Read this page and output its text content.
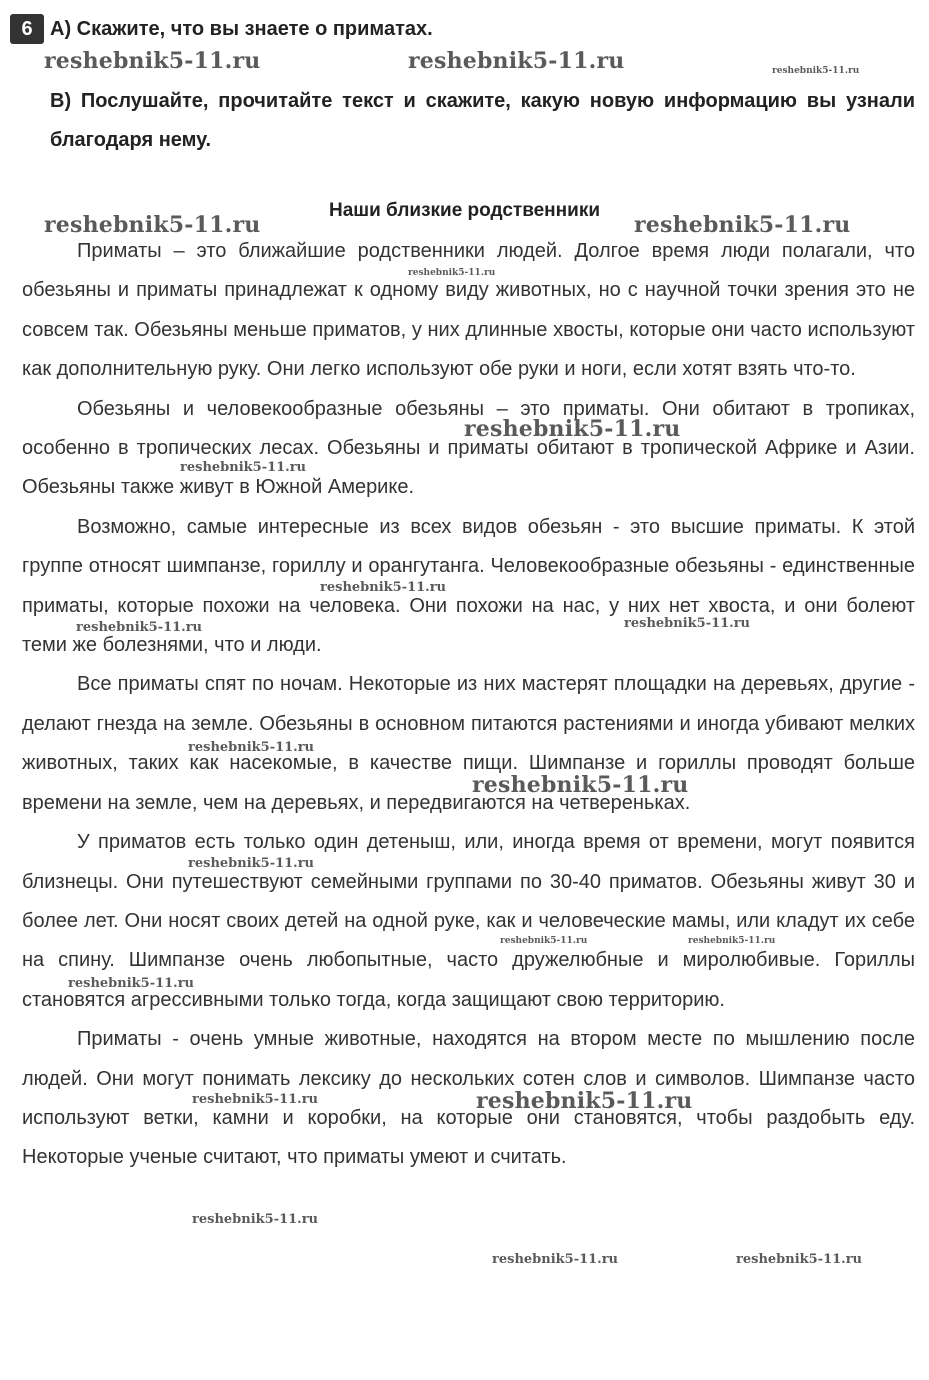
6 A) Скажите, что вы знаете о приматах.
B) Послушайте, прочитайте текст и скажите, какую новую информацию вы узнали благодаря нему.
Наши близкие родственники

Приматы – это ближайшие родственники людей. Долгое время люди полагали, что обезьяны и приматы принадлежат к одному виду животных, но с научной точки зрения это не совсем так. Обезьяны меньше приматов, у них длинные хвосты, которые они часто используют как дополнительную руку. Они легко используют обе руки и ноги, если хотят взять что-то.

Обезьяны и человекообразные обезьяны – это приматы. Они обитают в тропиках, особенно в тропических лесах. Обезьяны и приматы обитают в тропической Африке и Азии. Обезьяны также живут в Южной Америке.

Возможно, самые интересные из всех видов обезьян - это высшие приматы. К этой группе относят шимпанзе, гориллу и орангутанга. Человекообразные обезьяны - единственные приматы, которые похожи на человека. Они похожи на нас, у них нет хвоста, и они болеют теми же болезнями, что и люди.

Все приматы спят по ночам. Некоторые из них мастерят площадки на деревьях, другие - делают гнезда на земле. Обезьяны в основном питаются растениями и иногда убивают мелких животных, таких как насекомые, в качестве пищи. Шимпанзе и гориллы проводят больше времени на земле, чем на деревьях, и передвигаются на четвереньках.

У приматов есть только один детеныш, или, иногда время от времени, могут появится близнецы. Они путешествуют семейными группами по 30-40 приматов. Обезьяны живут 30 и более лет. Они носят своих детей на одной руке, как и человеческие мамы, или кладут их себе на спину. Шимпанзе очень любопытные, часто дружелюбные и миролюбивые. Гориллы становятся агрессивными только тогда, когда защищают свою территорию.

Приматы - очень умные животные, находятся на втором месте по мышлению после людей. Они могут понимать лексику до нескольких сотен слов и символов. Шимпанзе часто используют ветки, камни и коробки, на которые они становятся, чтобы раздобыть еду. Некоторые ученые считают, что приматы умеют и считать.

reshebnik5-11.ru	reshebnik5-11.ru	reshebnik5-11.ru
reshebnik5-11.ru	reshebnik5-11.ru
reshebnik5-11.ru
reshebnik5-11.ru
reshebnik5-11.ru
reshebnik5-11.ru
reshebnik5-11.ru	reshebnik5-11.ru
reshebnik5-11.ru
reshebnik5-11.ru
reshebnik5-11.ru
reshebnik5-11.ru	reshebnik5-11.ru
reshebnik5-11.ru
reshebnik5-11.ru	reshebnik5-11.ru
reshebnik5-11.ru
reshebnik5-11.ru	reshebnik5-11.ru
